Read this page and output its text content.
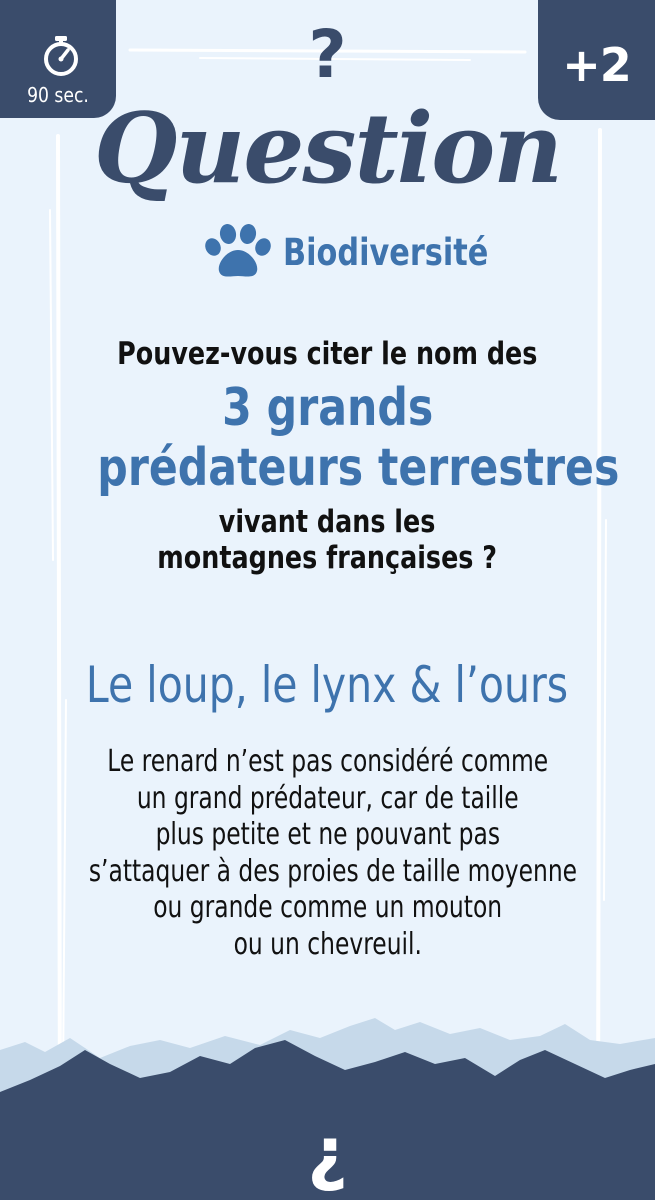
90 sec.
+2
?
Question
Biodiversité
Pouvez-vous citer le nom des
3 grands
prédateurs terrestres
vivant dans les
montagnes françaises ?
Le loup, le lynx & l’ours
Le renard n’est pas considéré comme
un grand prédateur, car de taille
plus petite et ne pouvant pas
s’attaquer à des proies de taille moyenne
ou grande comme un mouton
ou un chevreuil.
¿
